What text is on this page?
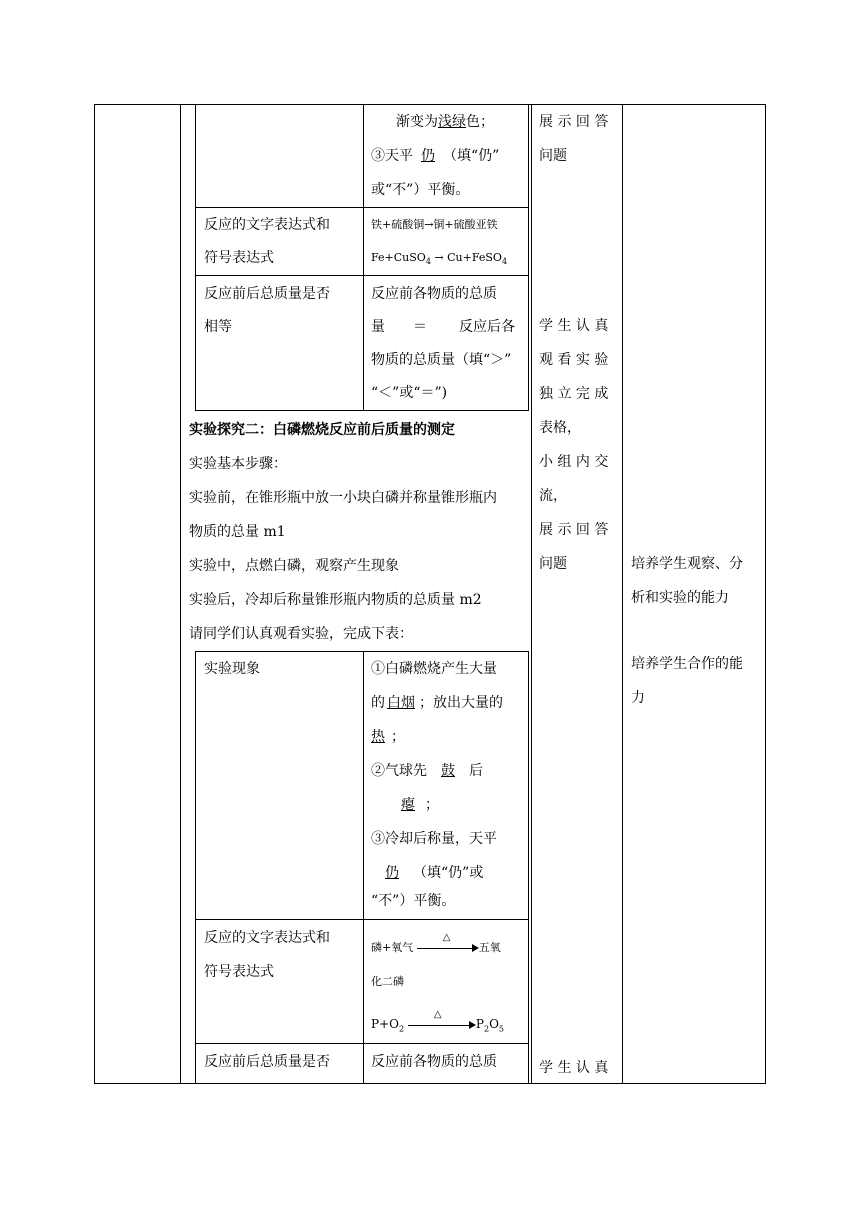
渐变为浅绿色；
③天平 仍 （填“仍”
或“不”）平衡。
反应的文字表达式和
符号表达式
铁+硫酸铜→铜+硫酸亚铁
Fe+CuSO$_4$ → Cu+FeSO$_4$
反应前后总质量是否
相等
反应前各物质的总质
量 ＝ 反应后各
物质的总质量（填“＞”
“＜”或“＝”)
实验探究二：白磷燃烧反应前后质量的测定
实验基本步骤：
实验前，在锥形瓶中放一小块白磷并称量锥形瓶内
物质的总量 m1
实验中，点燃白磷，观察产生现象
实验后，冷却后称量锥形瓶内物质的总质量 m2
请同学们认真观看实验，完成下表：
实验现象	①白磷燃烧产生大量
的 白烟 ；放出大量的
热 ；
②气球先 鼓 后
瘪 ；
③冷却后称量，天平
仍 （填“仍”或
“不”）平衡。
反应的文字表达式和
符号表达式
磷+氧气
△
五氧
化二磷
$P+O_2$
△
$P_2O_5$
反应前后总质量是否	反应前各物质的总质
展 示 回 答
问题
学 生 认 真
观 看 实 验
独 立 完 成
表格，
小 组 内 交
流，
展 示 回 答
问题
学 生 认 真
培养学生观察、分
析和实验的能力
培养学生合作的能
力
